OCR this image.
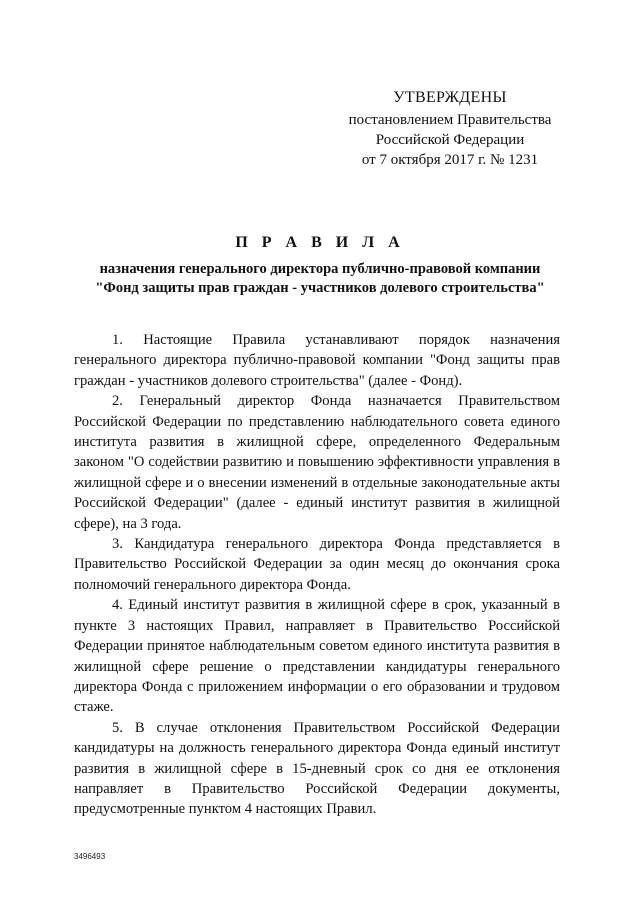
УТВЕРЖДЕНЫ
постановлением Правительства
Российской Федерации
от 7 октября 2017 г. № 1231
П Р А В И Л А
назначения генерального директора публично-правовой компании
"Фонд защиты прав граждан - участников долевого строительства"

1. Настоящие Правила устанавливают порядок назначения генерального директора публично-правовой компании "Фонд защиты прав граждан - участников долевого строительства" (далее - Фонд).

2. Генеральный директор Фонда назначается Правительством Российской Федерации по представлению наблюдательного совета единого института развития в жилищной сфере, определенного Федеральным законом "О содействии развитию и повышению эффективности управления в жилищной сфере и о внесении изменений в отдельные законодательные акты Российской Федерации" (далее - единый институт развития в жилищной сфере), на 3 года.

3. Кандидатура генерального директора Фонда представляется в Правительство Российской Федерации за один месяц до окончания срока полномочий генерального директора Фонда.

4. Единый институт развития в жилищной сфере в срок, указанный в пункте 3 настоящих Правил, направляет в Правительство Российской Федерации принятое наблюдательным советом единого института развития в жилищной сфере решение о представлении кандидатуры генерального директора Фонда с приложением информации о его образовании и трудовом стаже.

5. В случае отклонения Правительством Российской Федерации кандидатуры на должность генерального директора Фонда единый институт развития в жилищной сфере в 15-дневный срок со дня ее отклонения направляет в Правительство Российской Федерации документы, предусмотренные пунктом 4 настоящих Правил.

3496493
